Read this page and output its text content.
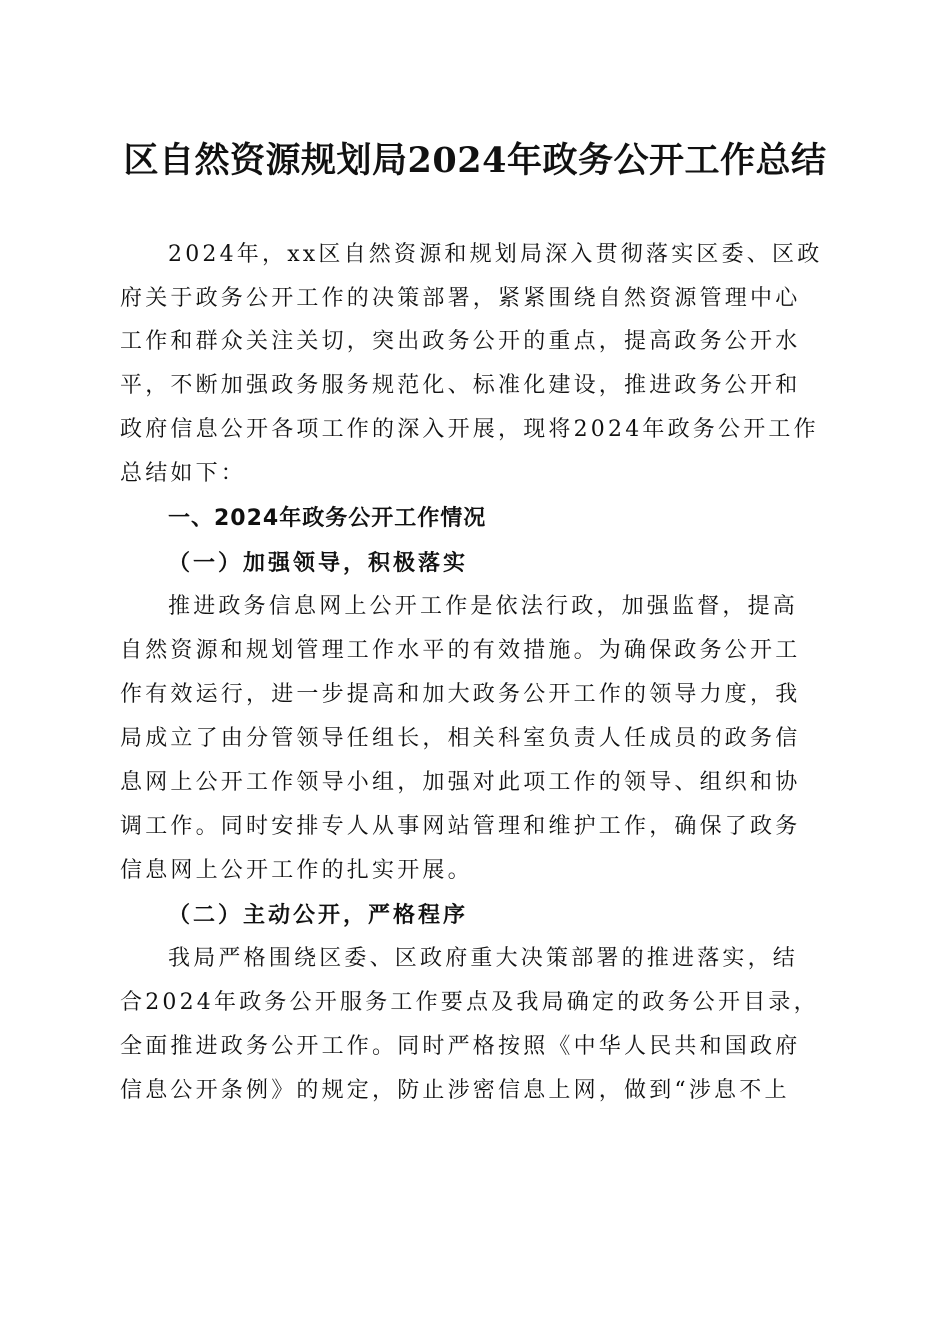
区自然资源规划局2024年政务公开工作总结

2024年，xx区自然资源和规划局深入贯彻落实区委、区政

府关于政务公开工作的决策部署，紧紧围绕自然资源管理中心

工作和群众关注关切，突出政务公开的重点，提高政务公开水

平，不断加强政务服务规范化、标准化建设，推进政务公开和

政府信息公开各项工作的深入开展，现将2024年政务公开工作

总结如下：

一、2024年政务公开工作情况
（一）加强领导，积极落实

推进政务信息网上公开工作是依法行政，加强监督，提高

自然资源和规划管理工作水平的有效措施。为确保政务公开工

作有效运行，进一步提高和加大政务公开工作的领导力度，我

局成立了由分管领导任组长，相关科室负责人任成员的政务信

息网上公开工作领导小组，加强对此项工作的领导、组织和协

调工作。同时安排专人从事网站管理和维护工作，确保了政务

信息网上公开工作的扎实开展。

（二）主动公开，严格程序

我局严格围绕区委、区政府重大决策部署的推进落实，结

合2024年政务公开服务工作要点及我局确定的政务公开目录，

全面推进政务公开工作。同时严格按照《中华人民共和国政府

信息公开条例》的规定，防止涉密信息上网，做到“涉息不上
